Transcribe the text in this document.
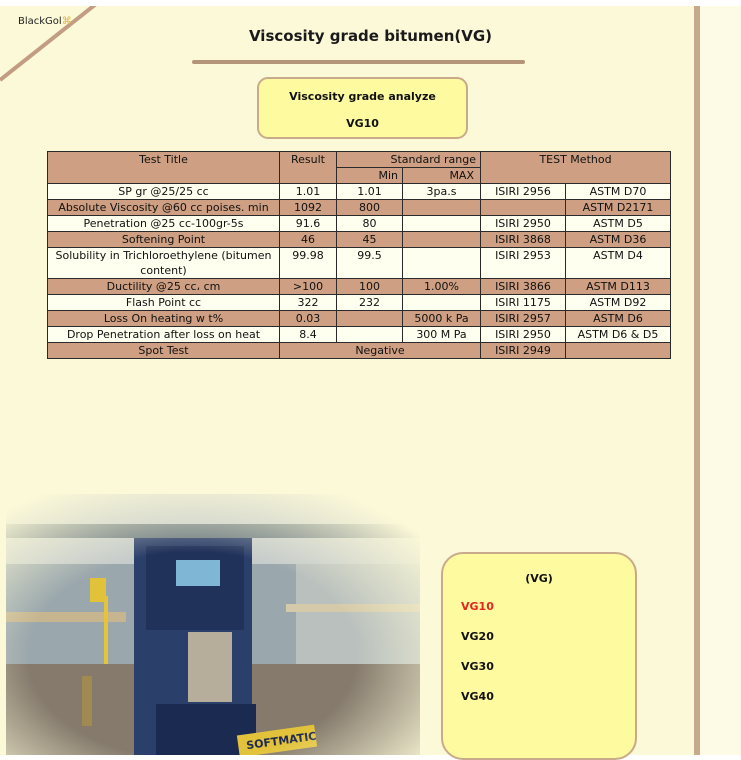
BlackGol⌘
Viscosity grade bitumen(VG)
Viscosity grade analyze
VG10
Test Title	Result	Standard range		TEST Method	
		Min	MAX		
SP gr @25/25 cc	1.01	1.01	3pa.s	ISIRI 2956	ASTM D70
Absolute Viscosity @60 cc poises. min	1092	800			ASTM D2171
Penetration @25 cc-100gr-5s	91.6	80		ISIRI 2950	ASTM D5
Softening Point	46	45		ISIRI 3868	ASTM D36
Solubility in Trichloroethylene (bitumen content)	99.98	99.5		ISIRI 2953	ASTM D4
Ductility @25 cc، cm	>100	100	1.00%	ISIRI 3866	ASTM D113
Flash Point cc	322	232		ISIRI 1175	ASTM D92
Loss On heating w t%	0.03		5000 k Pa	ISIRI 2957	ASTM D6
Drop Penetration after loss on heat	8.4		300 M Pa	ISIRI 2950	ASTM D6 & D5
Spot Test	Negative			ISIRI 2949	
(VG)
VG10
VG20
VG30
VG40
